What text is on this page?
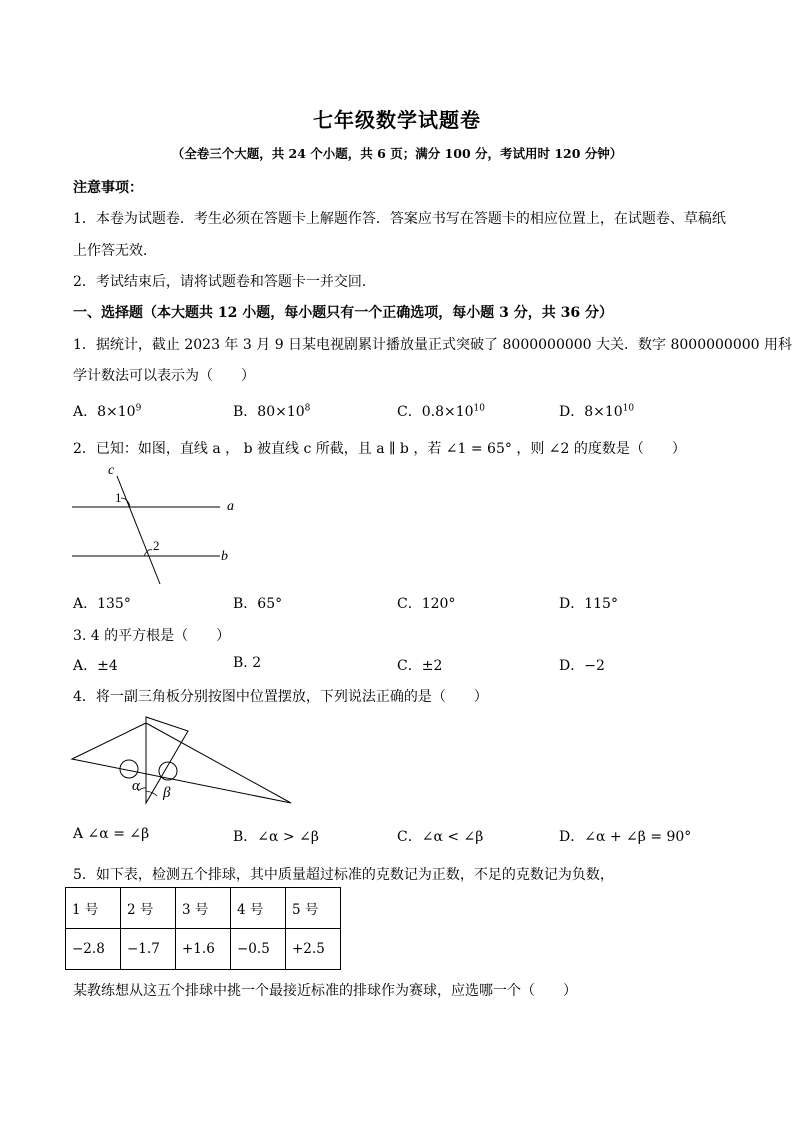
七年级数学试题卷
（全卷三个大题，共 24 个小题，共 6 页；满分 100 分，考试用时 120 分钟）
注意事项：
1．本卷为试题卷．考生必须在答题卡上解题作答．答案应书写在答题卡的相应位置上，在试题卷、草稿纸
上作答无效．
2．考试结束后，请将试题卷和答题卡一并交回．
一、选择题（本大题共 12 小题，每小题只有一个正确选项，每小题 3 分，共 36 分）
1．据统计，截止 2023 年 3 月 9 日某电视剧累计播放量正式突破了 8000000000 大关．数字 8000000000 用科
学计数法可以表示为（　　）
A．$8\times 10^9$	B．$80\times 10^8$	C．$0.8\times 10^{10}$	D．$8\times 10^{10}$
2．已知：如图，直线 a ， b 被直线 c 所截，且 a ∥ b ，若 ∠1 = 65° ，则 ∠2 的度数是（　　）
c
1
2
a
b
A．135°	B．65°	C．120°	D．115°
3. 4 的平方根是（　　）
A．±4	B. 2	C．±2	D．−2
4．将一副三角板分别按图中位置摆放，下列说法正确的是（　　）
α β
A ∠α = ∠β	B．∠α > ∠β	C．∠α < ∠β	D．∠α + ∠β = 90°
5．如下表，检测五个排球，其中质量超过标准的克数记为正数，不足的克数记为负数，
1 号	2 号	3 号	4 号	5 号
−2.8	−1.7	+1.6	−0.5	+2.5
某教练想从这五个排球中挑一个最接近标准的排球作为赛球，应选哪一个（　　）
